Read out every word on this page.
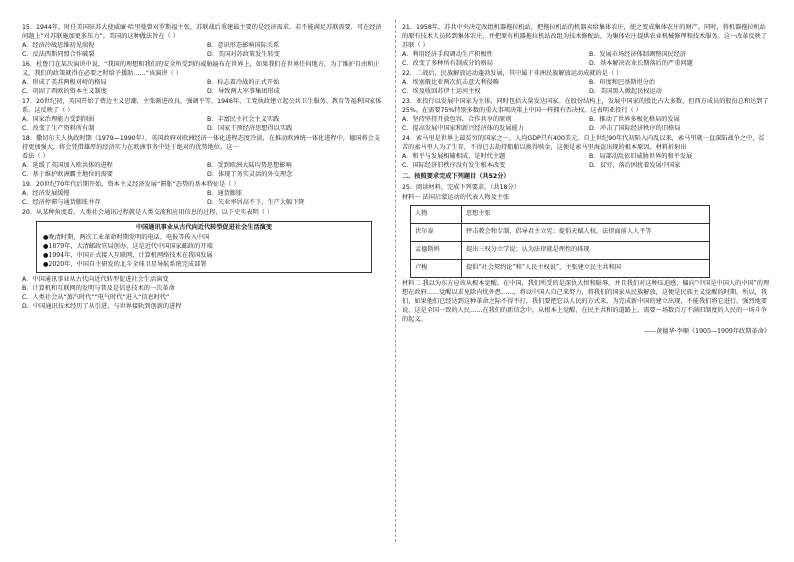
15．1944年，时任美国驻苏大使威廉·哈里曼曾对罗斯福主张，苏联战后重建最主要的是经济需求，若不能满足苏联需要，可在经济问题上“对苏联施加更多压力”。美国的这种做法旨在（ ）

A．经济冷战思维初见端倪	B．意识形态影响国际关系
C．反法西斯同盟合作破裂	D．美国对苏政策发生转变

16．杜鲁门在某次演讲中说，“我国的理想和我们的安全所受到的威胁遍布在世界上，如果我们在世界任何地方，为了维护自由和正义，我们的政策就得在必要之时给予援助……”该演讲（ ）

A．形成了美苏两极对峙的格局	B．标志着冷战的正式开始
C．巩固了西欧的资本主义制度	D．导致两大军事集团形成

17．20世纪初，英国开始了费边主义思潮，主张渐进改良，强调平等，1946年，工党执政建立起公共卫生服务、教育等福利国家体系。这反映了（ ）

A．国家治理能力受到削弱	B．丰富民主社会主义实践
C．改变了生产资料所有制	D．国家干预经济思想得以实践

18．撒切尔夫人执政时期（1979—1990年），英国政府对欧洲经济一体化进程态度冷淡，在推动欧洲统一体化进程中，德国将会支持更加强大，将会凭借雄厚的经济实力在欧洲事务中处于绝对的优势地位。这一

看法（ ）

A．延缓了英国加入欧共体的进程	B．受到欧洲大陆均势思想影响
C．基于维护欧洲霸主地位的需要	D．体现了务实灵活的外交理念

19．20世纪70年代后期开始，资本主义经济发展“滞胀”态势的基本特征是（ ）

A．经济发展缓慢	B．通货膨胀
C．经济停滞与通货膨胀并存	D．失业率居高不下，生产大幅下降

20．从某种角度看，人类社会通讯过程就是人类交流和应用信息的过程，以下史实表明（ ）

中国通讯事业从古代向近代转型促进社会生活演变
●晚清时期，两次工业革命时期发明的电话、电报等传入中国
●1879年，大清邮政官局创办，这是近代中国国家邮政的开端
●1994年，中国正式接入互联网，计算机网络技术在我国发展
●2020年，中国自主研发的北斗全球卫星导航系统完成部署
A．中国通讯事业从古代向近代转型促进社会生活演变
B．计算机和互联网的发明与普及是信息技术的一次革命
C．人类社会从“蒸汽时代”“电气时代”进入“信息时代”
D．中国通讯技术经历了从引进，与世界接轨到创新的进程

21．1958年，苏共中央决定改组机器拖拉机站，把拖拉机站的机器卖给集体农庄，使之变成集体农庄的财产。同时，将机器拖拉机站的原有技术人员转到集体农庄，并把原有机器拖拉机站改组为技术修配站，为集体农庄提供农业机械修理和技术服务。这一改革反映了苏联（ ）

A．利用经济手段调动生产积极性	B．发展市场经济体制调整国民经济
C．改变了多种所有制成分的格局	D．基本解决农业长期落后的严重问题

22．二战后，民族解放运动蓬勃发展，其中属于非洲民族解放运动成就的是（ ）

A．埃塞俄比亚两次抗击意大利侵略	B．印度和巴基斯坦分治
C．埃及收回苏伊士运河主权	D．美国黑人掀起民权运动

23．亚投行以发展中国家为主体，同时包括大量发达国家。在股份结构上，发展中国家的股比占大多数，但西方成员的股份总和达到了25%。在需要75%特别多数的重大事项决策上中国一样拥有否决权。这表明亚投行（ ）

A．坚持坚持开放包容，合作共享的原则	B．推动了世界多极化格局的发展
C．提高发展中国家和新兴经济体的发展能力	D．冲击了国际经济秩序的旧格局

24．索马里是世界上最贫穷的国家之一，人均GDP只有400美元。自上世纪90年代初陷入内乱以来，索马里就一直深陷战争之中，贫苦的索马里人为了生存，不得已去劫持船舶以换得赎金，这便是索马里海盗出现的根本原因。材料折射出

A．和平与发展相辅相成，是时代主题	B．局部动乱依旧威胁世界的和平发展
C．国际经济旧秩序没有发生根本改变	D．贫穷，落后困扰着发展中国家
二、按照要求完成下列题目（共52分）

25．阅读材料，完成下列要求。（共18分）

材料一 法国启蒙运动的代表人物及主张

人物	思想主张
伏尔泰	抨击教会和专制，倡导君主立宪；提倡天赋人权，法律面前人人平等
孟德斯鸠	提出三权分立学说；认为法律就是理性的体现
卢梭	提倡“社会契约论”和“人民主权说”，主张建立民主共和国

材料二 我以为东方应该从根本觉醒。在中国，我们所受的是深仇大恨和耻辱，并且我们对这种压迫感，偏向“中国是中国人的中国”的理想在政府……觉醒以求免除内忧外患……，将以中国人自己来努力，将我们的国家从民族解放，这便是民族主义觉醒的时期。所以，我们，如果他们已经达到这种革命之际不得不打，我们要把它以人民的方式来，为完成新中国的建立出现，不能我们将它进行。强烈地要说，这是全国一致的人民……在我们的新信念中，从根本上觉醒，在民主共和的道路上，需要一场数百万不满旧制度的人民的一场斗争的起义。

——黄德华·李顺《1905—1909年政期革命》
